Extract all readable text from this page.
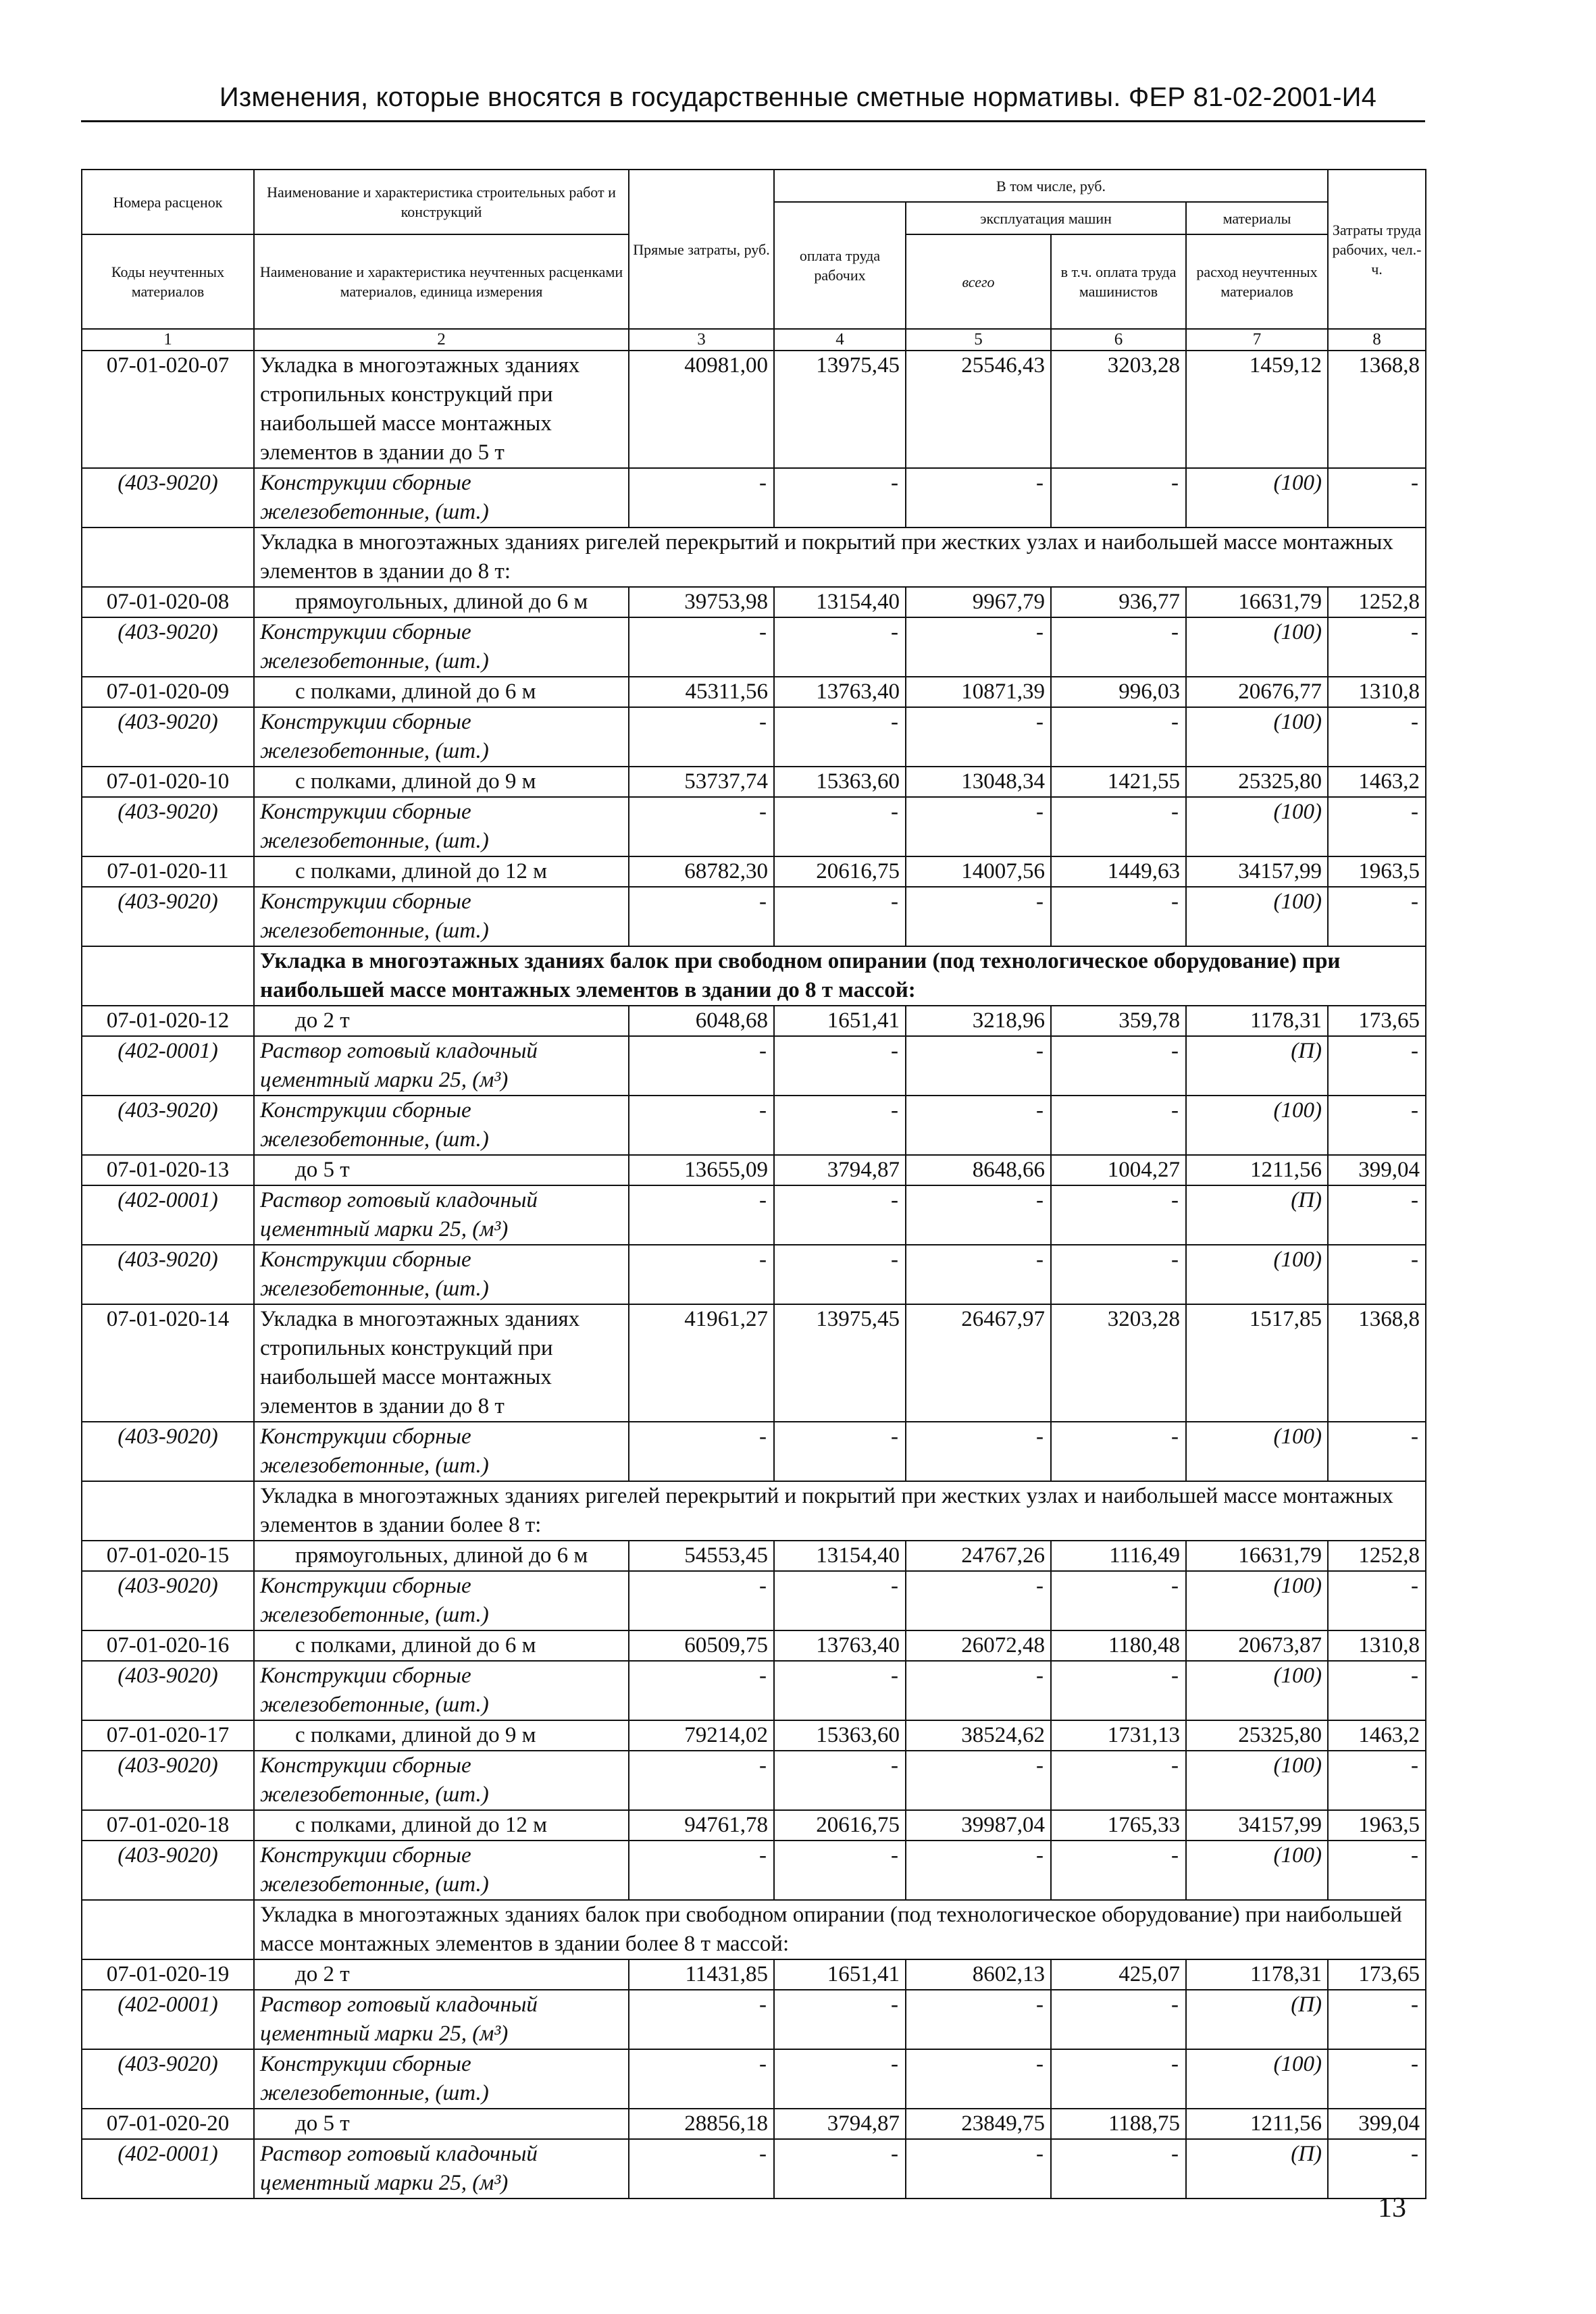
Изменения, которые вносятся в государственные сметные нормативы. ФЕР 81-02-2001-И4
Номера расценок	Наименование и характеристика строительных работ и конструкций	Прямые затраты, руб.	В том числе, руб.				Затраты труда рабочих, чел.-ч.
			оплата труда рабочих	эксплуатация машин		материалы	
Коды неучтенных материалов	Наименование и характеристика неучтенных расценками материалов, единица измерения			всего	в т.ч. оплата труда машинистов	расход неучтенных материалов	

1	2	3	4	5	6	7	8
07-01-020-07	Укладка в многоэтажных зданиях стропильных конструкций при наибольшей массе монтажных элементов в здании до 5 т	40981,00	13975,45	25546,43	3203,28	1459,12	1368,8
(403-9020)	Конструкции сборные железобетонные, (шт.)	-	-	-	-	(100)	-
	Укладка в многоэтажных зданиях ригелей перекрытий и покрытий при жестких узлах и наибольшей массе монтажных элементов в здании до 8 т:						
07-01-020-08	прямоугольных, длиной до 6 м	39753,98	13154,40	9967,79	936,77	16631,79	1252,8
(403-9020)	Конструкции сборные железобетонные, (шт.)	-	-	-	-	(100)	-
07-01-020-09	с полками, длиной до 6 м	45311,56	13763,40	10871,39	996,03	20676,77	1310,8
(403-9020)	Конструкции сборные железобетонные, (шт.)	-	-	-	-	(100)	-
07-01-020-10	с полками, длиной до 9 м	53737,74	15363,60	13048,34	1421,55	25325,80	1463,2
(403-9020)	Конструкции сборные железобетонные, (шт.)	-	-	-	-	(100)	-
07-01-020-11	с полками, длиной до 12 м	68782,30	20616,75	14007,56	1449,63	34157,99	1963,5
(403-9020)	Конструкции сборные железобетонные, (шт.)	-	-	-	-	(100)	-
	Укладка в многоэтажных зданиях балок при свободном опирании (под технологическое оборудование) при наибольшей массе монтажных элементов в здании до 8 т массой:						
07-01-020-12	до 2 т	6048,68	1651,41	3218,96	359,78	1178,31	173,65
(402-0001)	Раствор готовый кладочный цементный марки 25, (м³)	-	-	-	-	(П)	-
(403-9020)	Конструкции сборные железобетонные, (шт.)	-	-	-	-	(100)	-
07-01-020-13	до 5 т	13655,09	3794,87	8648,66	1004,27	1211,56	399,04
(402-0001)	Раствор готовый кладочный цементный марки 25, (м³)	-	-	-	-	(П)	-
(403-9020)	Конструкции сборные железобетонные, (шт.)	-	-	-	-	(100)	-
07-01-020-14	Укладка в многоэтажных зданиях стропильных конструкций при наибольшей массе монтажных элементов в здании до 8 т	41961,27	13975,45	26467,97	3203,28	1517,85	1368,8
(403-9020)	Конструкции сборные железобетонные, (шт.)	-	-	-	-	(100)	-
	Укладка в многоэтажных зданиях ригелей перекрытий и покрытий при жестких узлах и наибольшей массе монтажных элементов в здании более 8 т:						
07-01-020-15	прямоугольных, длиной до 6 м	54553,45	13154,40	24767,26	1116,49	16631,79	1252,8
(403-9020)	Конструкции сборные железобетонные, (шт.)	-	-	-	-	(100)	-
07-01-020-16	с полками, длиной до 6 м	60509,75	13763,40	26072,48	1180,48	20673,87	1310,8
(403-9020)	Конструкции сборные железобетонные, (шт.)	-	-	-	-	(100)	-
07-01-020-17	с полками, длиной до 9 м	79214,02	15363,60	38524,62	1731,13	25325,80	1463,2
(403-9020)	Конструкции сборные железобетонные, (шт.)	-	-	-	-	(100)	-
07-01-020-18	с полками, длиной до 12 м	94761,78	20616,75	39987,04	1765,33	34157,99	1963,5
(403-9020)	Конструкции сборные железобетонные, (шт.)	-	-	-	-	(100)	-
	Укладка в многоэтажных зданиях балок при свободном опирании (под технологическое оборудование) при наибольшей массе монтажных элементов в здании более 8 т массой:						
07-01-020-19	до 2 т	11431,85	1651,41	8602,13	425,07	1178,31	173,65
(402-0001)	Раствор готовый кладочный цементный марки 25, (м³)	-	-	-	-	(П)	-
(403-9020)	Конструкции сборные железобетонные, (шт.)	-	-	-	-	(100)	-
07-01-020-20	до 5 т	28856,18	3794,87	23849,75	1188,75	1211,56	399,04
(402-0001)	Раствор готовый кладочный цементный марки 25, (м³)	-	-	-	-	(П)	-
13
